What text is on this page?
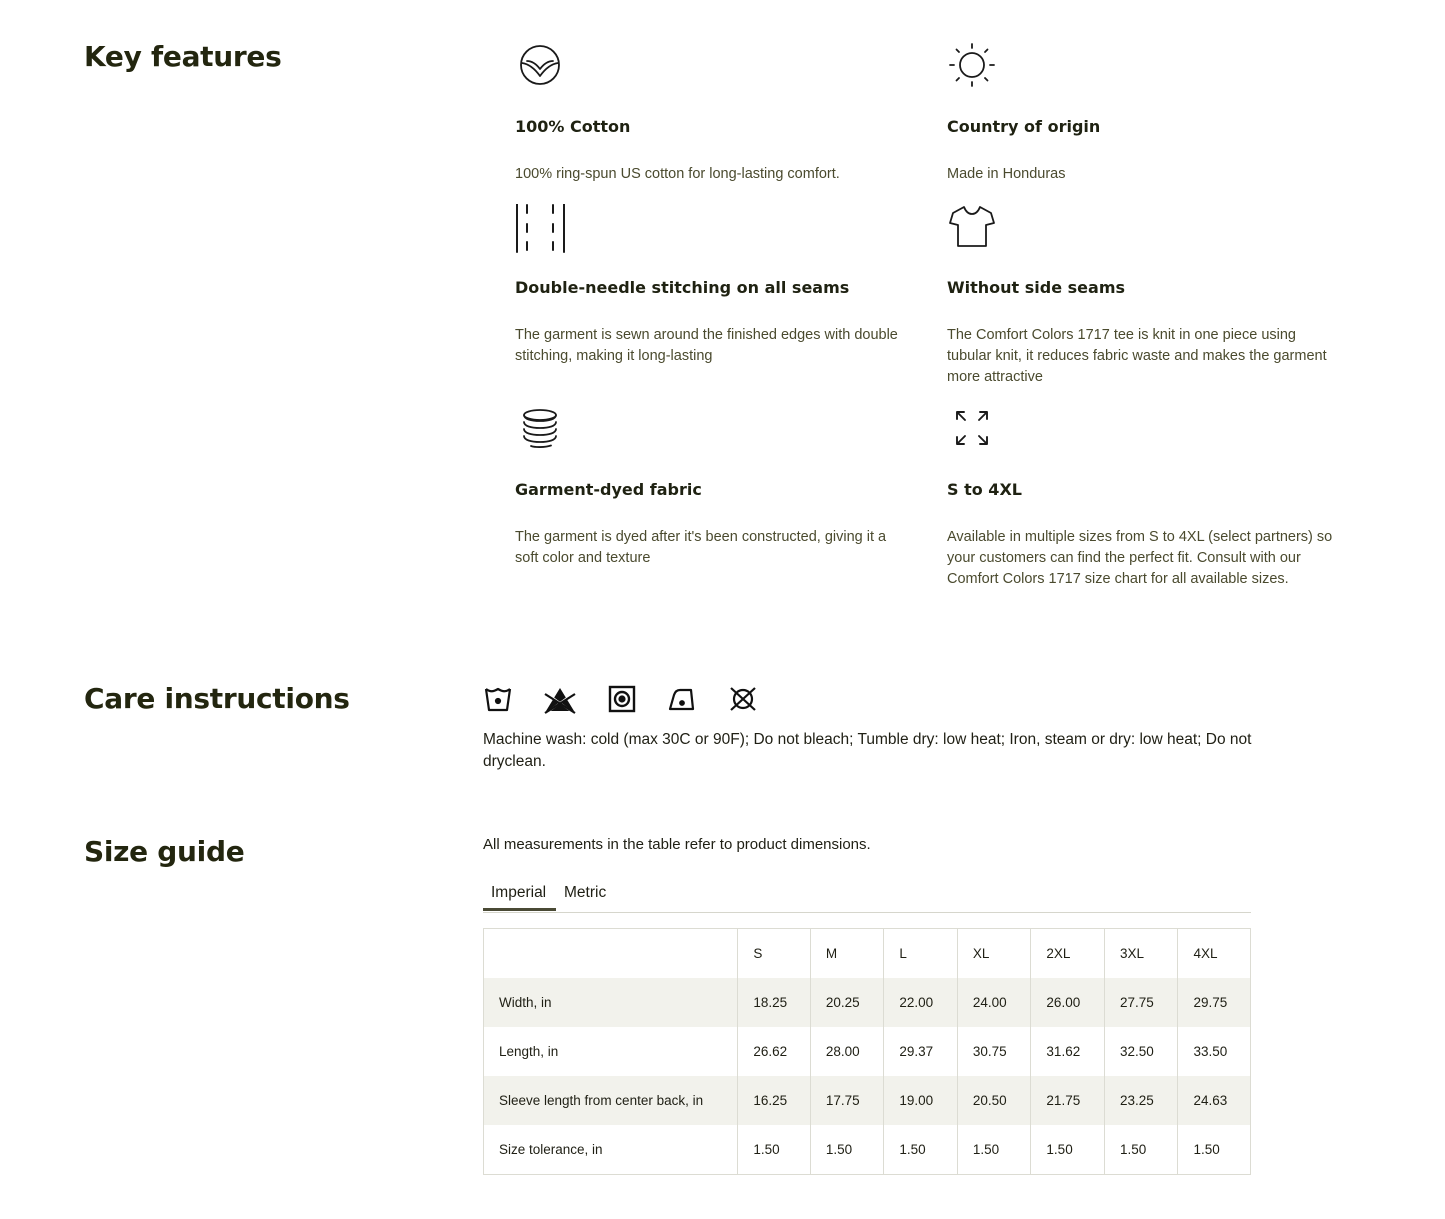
Key features
100% Cotton

100% ring-spun US cotton for long-lasting comfort.

Country of origin

Made in Honduras

Double-needle stitching on all seams

The garment is sewn around the finished edges with double stitching, making it long-lasting

Without side seams

The Comfort Colors 1717 tee is knit in one piece using tubular knit, it reduces fabric waste and makes the garment more attractive

Garment-dyed fabric

The garment is dyed after it's been constructed, giving it a soft color and texture

S to 4XL

Available in multiple sizes from S to 4XL (select partners) so your customers can find the perfect fit. Consult with our Comfort Colors 1717 size chart for all available sizes.

Care instructions

Machine wash: cold (max 30C or 90F); Do not bleach; Tumble dry: low heat; Iron, steam or dry: low heat; Do not dryclean.

Size guide	All measurements in the table refer to product dimensions.

Imperial	Metric
	S	M	L	XL	2XL	3XL	4XL
Width, in	18.25	20.25	22.00	24.00	26.00	27.75	29.75
Length, in	26.62	28.00	29.37	30.75	31.62	32.50	33.50
Sleeve length from center back, in	16.25	17.75	19.00	20.50	21.75	23.25	24.63
Size tolerance, in	1.50	1.50	1.50	1.50	1.50	1.50	1.50
